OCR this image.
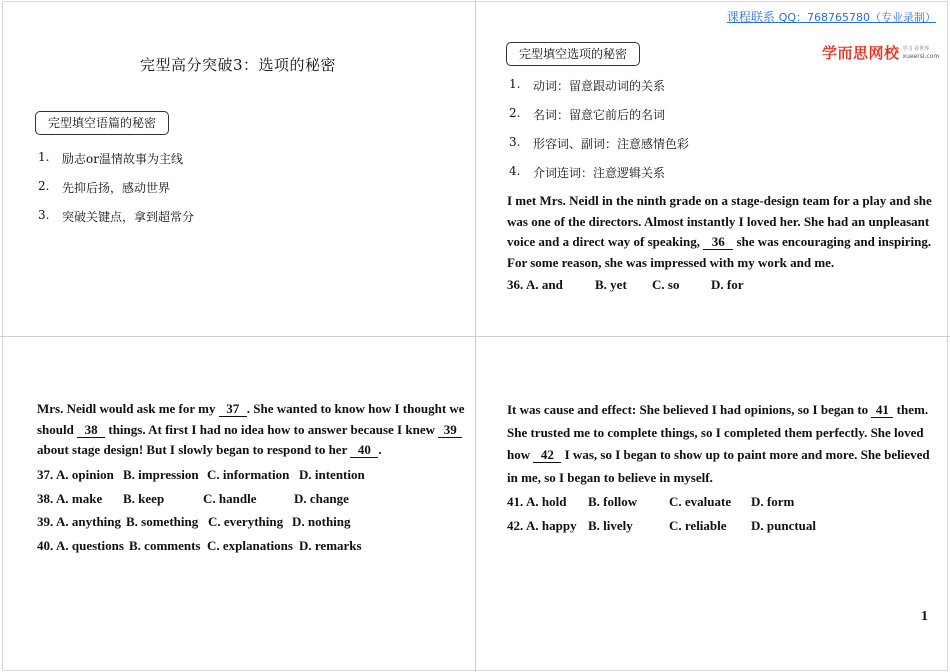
课程联系 QQ：768765780（专业录制）
学而思网校 学习 看世界
xueersi.com
完型高分突破3：选项的秘密
完型填空语篇的秘密
1.	励志or温情故事为主线
2.	先抑后扬，感动世界
3.	突破关键点，拿到超常分
完型填空选项的秘密
1.	动词：留意跟动词的关系
2.	名词：留意它前后的名词
3.	形容词、副词：注意感情色彩
4.	介词连词：注意逻辑关系

I met Mrs. Neidl in the ninth grade on a stage-design team for a play and she was one of the directors. Almost instantly I loved her. She had an unpleasant voice and a direct way of speaking, 36 she was encouraging and inspiring. For some reason, she was impressed with my work and me.

36. A. and B. yet C. so D. for

Mrs. Neidl would ask me for my 37 . She wanted to know how I thought we should 38 things. At first I had no idea how to answer because I knew 39 about stage design! But I slowly began to respond to her 40 .

37. A. opinion B. impression C. information D. intention
38. A. make B. keep	C. handle	D. change
39. A. anything B. something C. everything D. nothing
40. A. questions B. comments C. explanations D. remarks

It was cause and effect: She believed I had opinions, so I began to 41 them. She trusted me to complete things, so I completed them perfectly. She loved how 42 I was, so I began to show up to paint more and more. She believed in me, so I began to believe in myself.

41. A. hold B. follow C. evaluate D. form
42. A. happy B. lively	C. reliable D. punctual
1
